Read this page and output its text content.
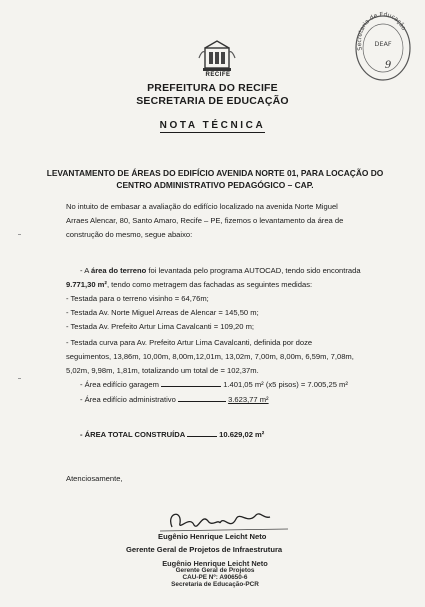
RECIFE
Secretaria de Educação
DEAF
9
PREFEITURA DO RECIFE
SECRETARIA DE EDUCAÇÃO
NOTA TÉCNICA
LEVANTAMENTO DE ÁREAS DO EDIFÍCIO AVENIDA NORTE 01, PARA LOCAÇÃO DO
CENTRO ADMINISTRATIVO PEDAGÓGICO – CAP.
No intuito de embasar a avaliação do edifício localizado na avenida Norte Miguel
Arraes Alencar, 80, Santo Amaro, Recife – PE, fizemos o levantamento da área de
construção do mesmo, segue abaixo:
- A área do terreno foi levantada pelo programa AUTOCAD, tendo sido encontrada
9.771,30 m², tendo como metragem das fachadas as seguintes medidas:
- Testada para o terreno visinho = 64,76m;
- Testada Av. Norte Miguel Arreas de Alencar = 145,50 m;
- Testada Av. Prefeito Artur Lima Cavalcanti = 109,20 m;
- Testada curva para Av. Prefeito Artur Lima Cavalcanti, definida por doze
seguimentos, 13,86m, 10,00m, 8,00m,12,01m, 13,02m, 7,00m, 8,00m, 6,59m, 7,08m,
5,02m, 9,98m, 1,81m, totalizando um total de = 102,37m.
- Área edifício garagem	1.401,05 m² (x5 pisos) = 7.005,25 m²
- Área edifício administrativo	3.623,77 m²
- ÁREA TOTAL CONSTRUÍDA	10.629,02 m²
Atenciosamente,
Eugênio Henrique Leicht Neto
Gerente Geral de Projetos de Infraestrutura
Eugênio Henrique Leicht Neto
Gerente Geral de Projetos
CAU-PE Nº: A90650-6
Secretaria de Educação-PCR
